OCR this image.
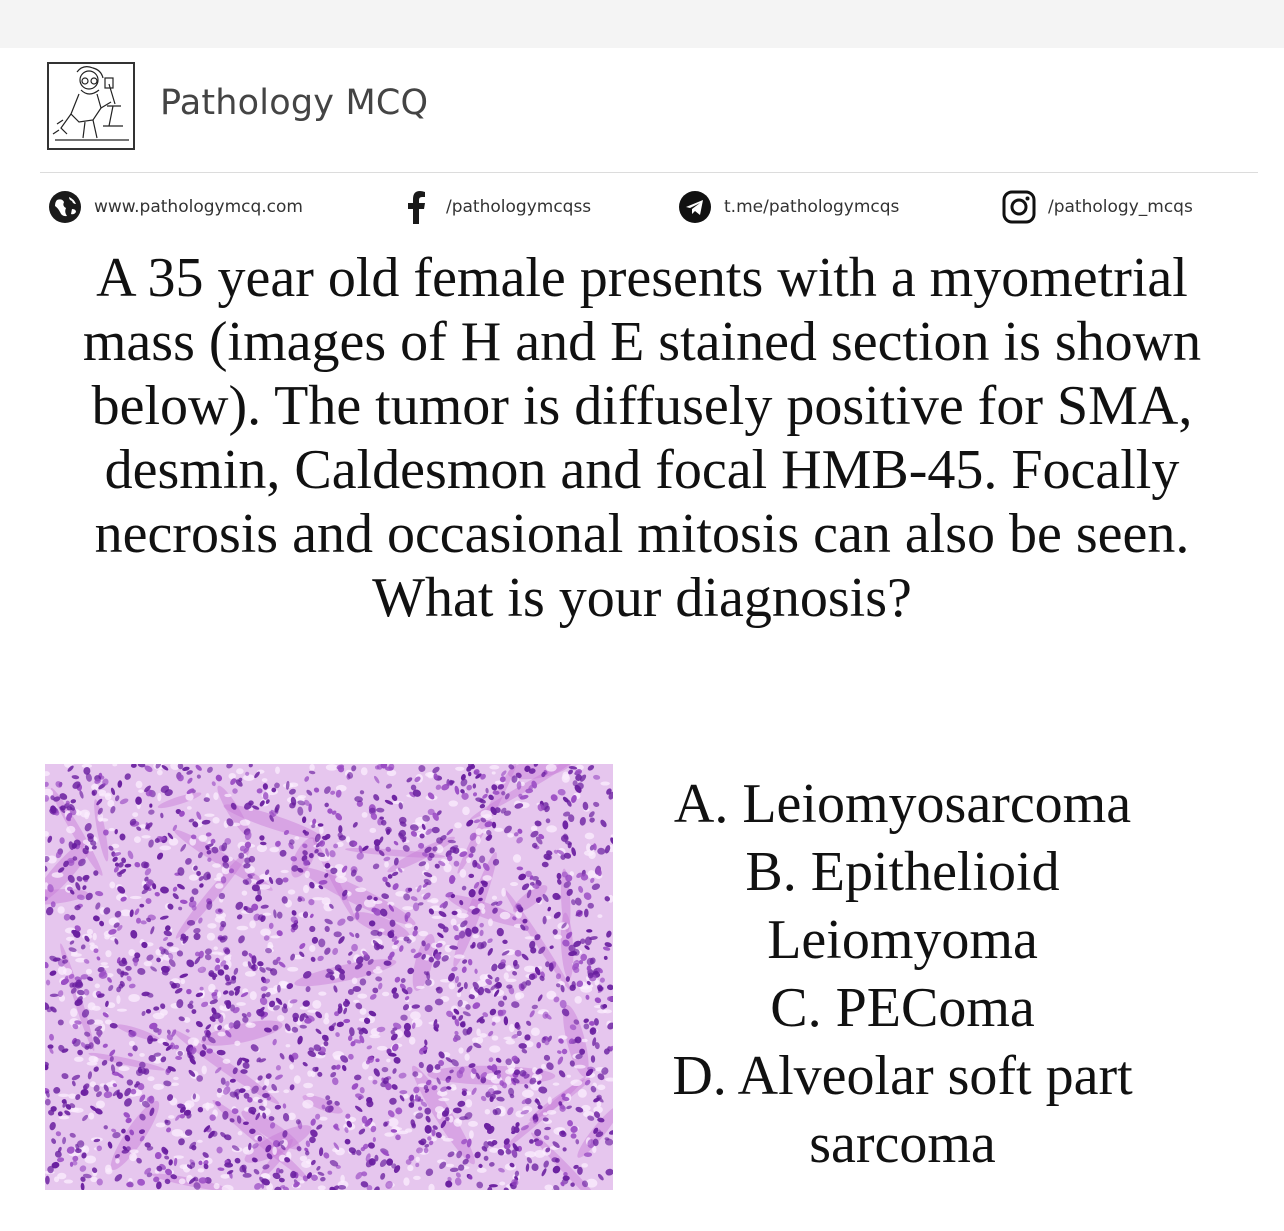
Pathology MCQ
www.pathologymcq.com	/pathologymcqss	t.me/pathologymcqs	/pathology_mcqs

A 35 year old female presents with a myometrial mass (images of H and E stained section is shown below). The tumor is diffusely positive for SMA, desmin, Caldesmon and focal HMB-45. Focally necrosis and occasional mitosis can also be seen. What is your diagnosis?

A. Leiomyosarcoma

B. Epithelioid Leiomyoma

C. PEComa

D. Alveolar soft part sarcoma
